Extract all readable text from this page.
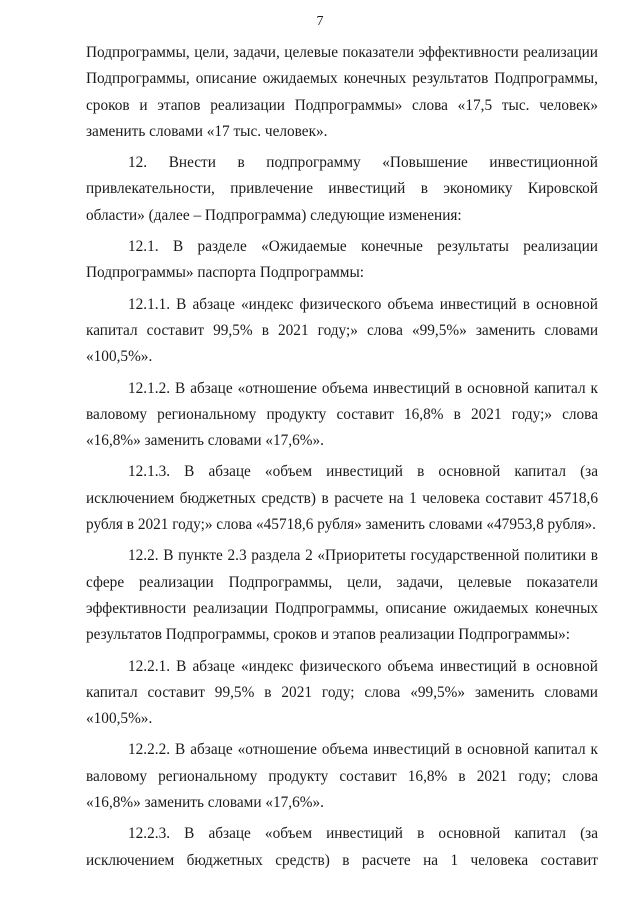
7

Подпрограммы, цели, задачи, целевые показатели эффективности реализации Подпрограммы, описание ожидаемых конечных результатов Подпрограммы, сроков и этапов реализации Подпрограммы» слова «17,5 тыс. человек» заменить словами «17 тыс. человек».

12. Внести в подпрограмму «Повышение инвестиционной привлекательности, привлечение инвестиций в экономику Кировской области» (далее – Подпрограмма) следующие изменения:

12.1. В разделе «Ожидаемые конечные результаты реализации Подпрограммы» паспорта Подпрограммы:

12.1.1. В абзаце «индекс физического объема инвестиций в основной капитал составит 99,5% в 2021 году;» слова «99,5%» заменить словами «100,5%».

12.1.2. В абзаце «отношение объема инвестиций в основной капитал к валовому региональному продукту составит 16,8% в 2021 году;» слова «16,8%» заменить словами «17,6%».

12.1.3. В абзаце «объем инвестиций в основной капитал (за исключением бюджетных средств) в расчете на 1 человека составит 45718,6 рубля в 2021 году;» слова «45718,6 рубля» заменить словами «47953,8 рубля».

12.2. В пункте 2.3 раздела 2 «Приоритеты государственной политики в сфере реализации Подпрограммы, цели, задачи, целевые показатели эффективности реализации Подпрограммы, описание ожидаемых конечных результатов Подпрограммы, сроков и этапов реализации Подпрограммы»:

12.2.1. В абзаце «индекс физического объема инвестиций в основной капитал составит 99,5% в 2021 году; слова «99,5%» заменить словами «100,5%».

12.2.2. В абзаце «отношение объема инвестиций в основной капитал к валовому региональному продукту составит 16,8% в 2021 году; слова «16,8%» заменить словами «17,6%».

12.2.3. В абзаце «объем инвестиций в основной капитал (за исключением бюджетных средств) в расчете на 1 человека составит
